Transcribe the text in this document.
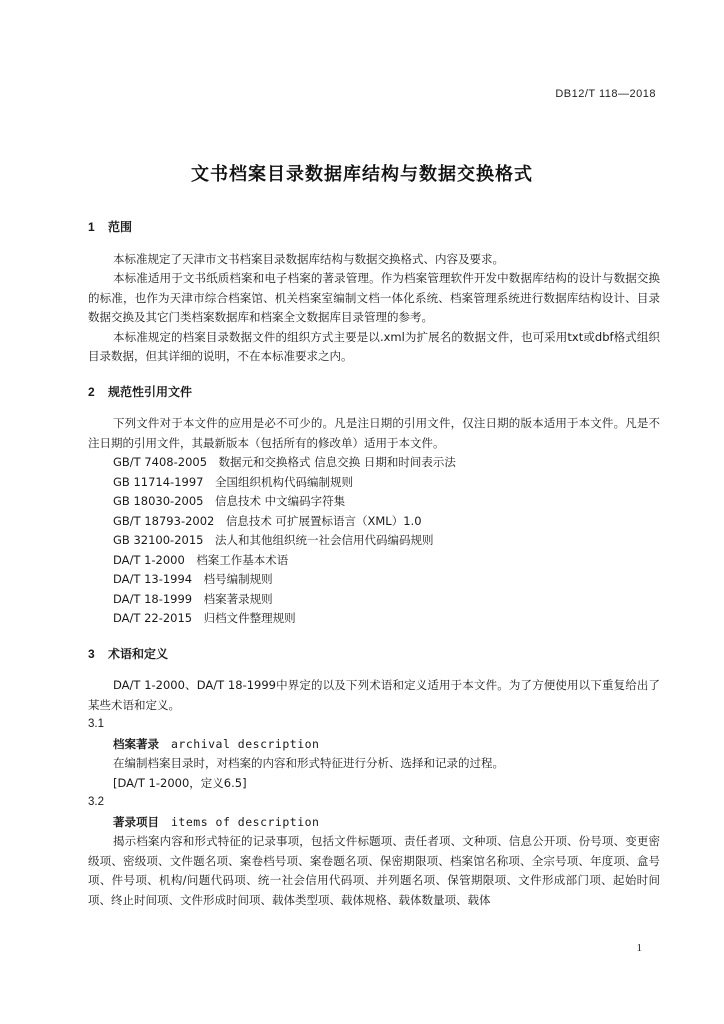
DB12/T 118—2018
文书档案目录数据库结构与数据交换格式
1	范围

本标准规定了天津市文书档案目录数据库结构与数据交换格式、内容及要求。

本标准适用于文书纸质档案和电子档案的著录管理。作为档案管理软件开发中数据库结构的设计与数据交换的标准，也作为天津市综合档案馆、机关档案室编制文档一体化系统、档案管理系统进行数据库结构设计、目录数据交换及其它门类档案数据库和档案全文数据库目录管理的参考。

本标准规定的档案目录数据文件的组织方式主要是以.xml为扩展名的数据文件，也可采用txt或dbf格式组织目录数据，但其详细的说明，不在本标准要求之内。

2	规范性引用文件

下列文件对于本文件的应用是必不可少的。凡是注日期的引用文件，仅注日期的版本适用于本文件。凡是不注日期的引用文件，其最新版本（包括所有的修改单）适用于本文件。

GB/T 7408-2005　数据元和交换格式 信息交换 日期和时间表示法
GB 11714-1997　全国组织机构代码编制规则
GB 18030-2005　信息技术 中文编码字符集
GB/T 18793-2002　信息技术 可扩展置标语言（XML）1.0
GB 32100-2015　法人和其他组织统一社会信用代码编码规则
DA/T 1-2000　档案工作基本术语
DA/T 13-1994　档号编制规则
DA/T 18-1999　档案著录规则
DA/T 22-2015　归档文件整理规则
3	术语和定义

DA/T 1-2000、DA/T 18-1999中界定的以及下列术语和定义适用于本文件。为了方便使用以下重复给出了某些术语和定义。

3.1

档案著录 archival description
在编制档案目录时，对档案的内容和形式特征进行分析、选择和记录的过程。
[DA/T 1-2000，定义6.5]

3.2

著录项目 items of description

揭示档案内容和形式特征的记录事项，包括文件标题项、责任者项、文种项、信息公开项、份号项、变更密级项、密级项、文件题名项、案卷档号项、案卷题名项、保密期限项、档案馆名称项、全宗号项、年度项、盒号项、件号项、机构/问题代码项、统一社会信用代码项、并列题名项、保管期限项、文件形成部门项、起始时间项、终止时间项、文件形成时间项、载体类型项、载体规格、载体数量项、载体

1
